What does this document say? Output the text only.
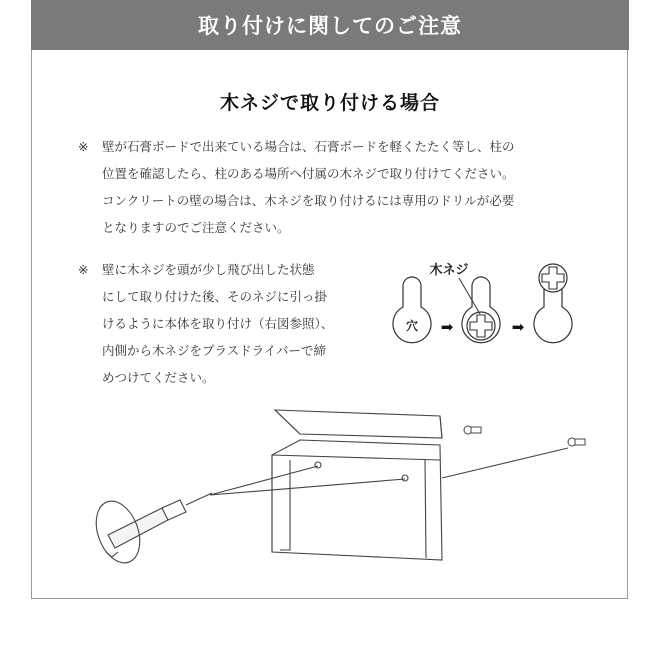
取り付けに関してのご注意
木ネジで取り付ける場合
※ 壁が石膏ボードで出来ている場合は、石膏ボードを軽くたたく等し、柱の
位置を確認したら、柱のある場所へ付属の木ネジで取り付けてください。
コンクリートの壁の場合は、木ネジを取り付けるには専用のドリルが必要
となりますのでご注意ください。
※ 壁に木ネジを頭が少し飛び出した状態
にして取り付けた後、そのネジに引っ掛
けるように本体を取り付け（右図参照）、
内側から木ネジをプラスドライバーで締
めつけてください。
穴 ➡
木ネジ
➡
